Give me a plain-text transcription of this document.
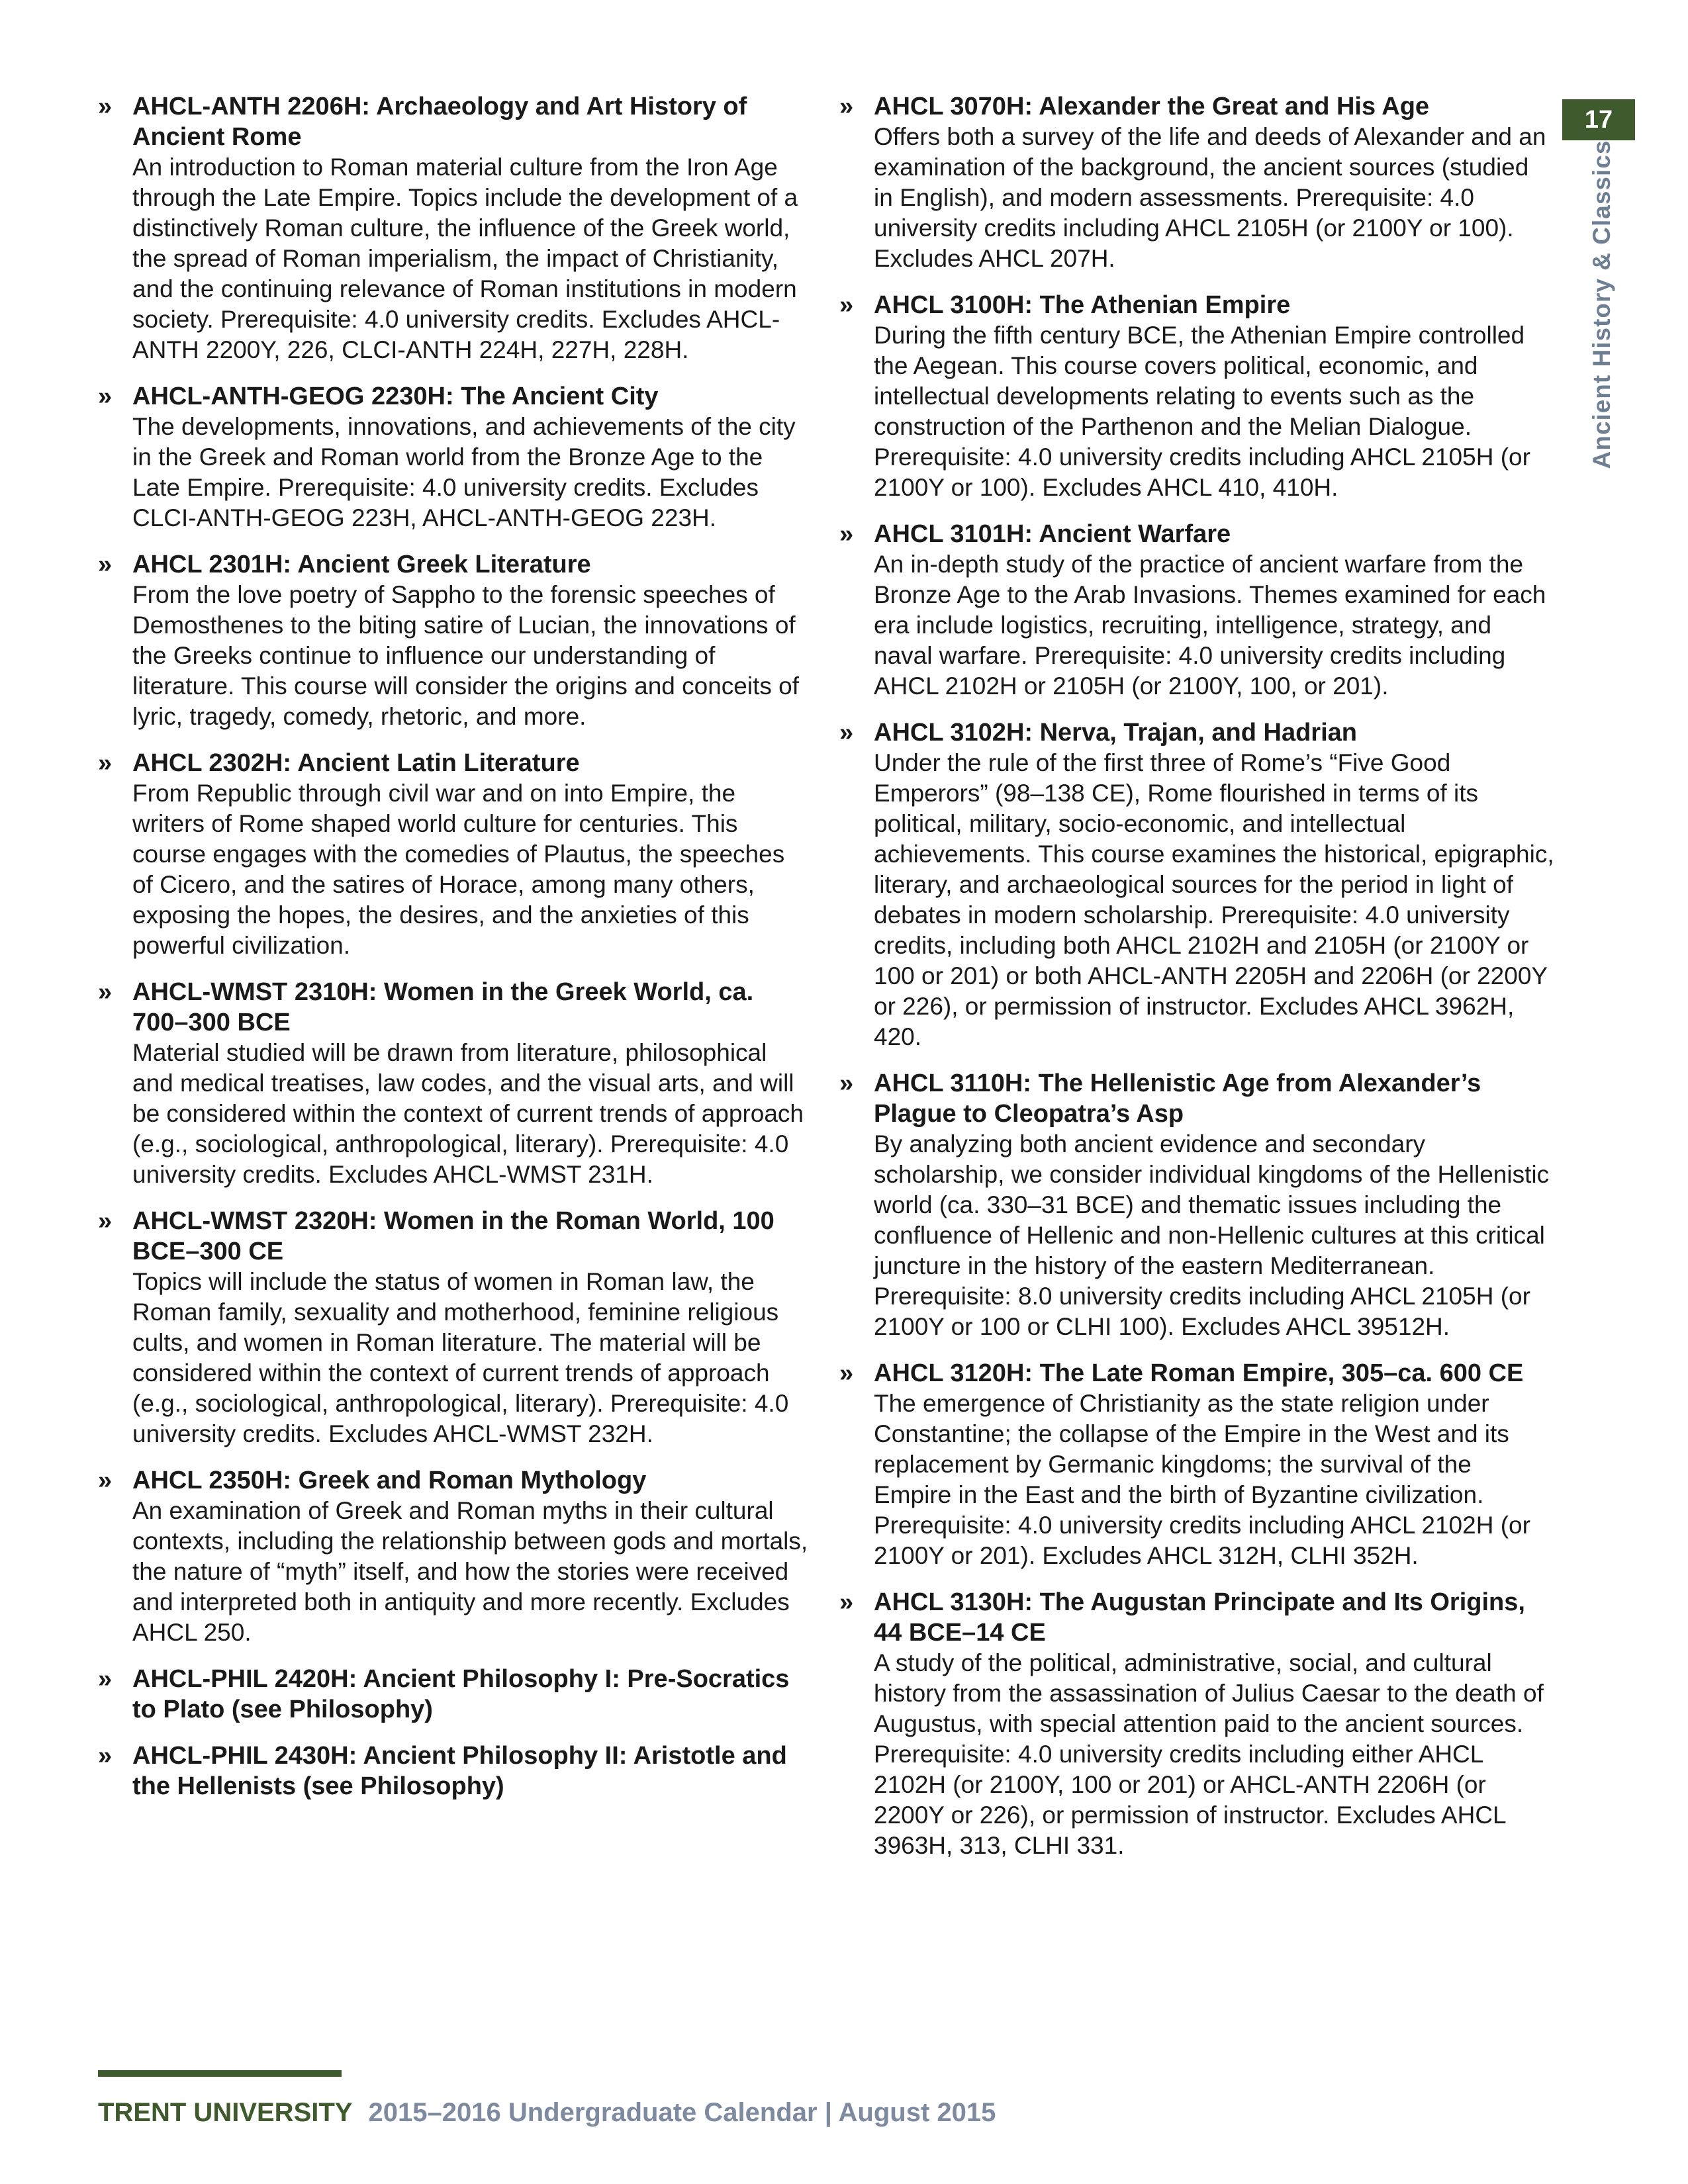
» AHCL-ANTH 2206H: Archaeology and Art History of Ancient Rome
An introduction to Roman material culture from the Iron Age through the Late Empire. Topics include the development of a distinctively Roman culture, the influence of the Greek world, the spread of Roman imperialism, the impact of Christianity, and the continuing relevance of Roman institutions in modern society. Prerequisite: 4.0 university credits. Excludes AHCL-ANTH 2200Y, 226, CLCI-ANTH 224H, 227H, 228H.
» AHCL-ANTH-GEOG 2230H: The Ancient City
The developments, innovations, and achievements of the city in the Greek and Roman world from the Bronze Age to the Late Empire. Prerequisite: 4.0 university credits. Excludes CLCI-ANTH-GEOG 223H, AHCL-ANTH-GEOG 223H.
» AHCL 2301H: Ancient Greek Literature
From the love poetry of Sappho to the forensic speeches of Demosthenes to the biting satire of Lucian, the innovations of the Greeks continue to influence our understanding of literature. This course will consider the origins and conceits of lyric, tragedy, comedy, rhetoric, and more.
» AHCL 2302H: Ancient Latin Literature
From Republic through civil war and on into Empire, the writers of Rome shaped world culture for centuries. This course engages with the comedies of Plautus, the speeches of Cicero, and the satires of Horace, among many others, exposing the hopes, the desires, and the anxieties of this powerful civilization.
» AHCL-WMST 2310H: Women in the Greek World, ca. 700–300 BCE
Material studied will be drawn from literature, philosophical and medical treatises, law codes, and the visual arts, and will be considered within the context of current trends of approach (e.g., sociological, anthropological, literary). Prerequisite: 4.0 university credits. Excludes AHCL-WMST 231H.
» AHCL-WMST 2320H: Women in the Roman World, 100 BCE–300 CE
Topics will include the status of women in Roman law, the Roman family, sexuality and motherhood, feminine religious cults, and women in Roman literature. The material will be considered within the context of current trends of approach (e.g., sociological, anthropological, literary). Prerequisite: 4.0 university credits. Excludes AHCL-WMST 232H.
» AHCL 2350H: Greek and Roman Mythology
An examination of Greek and Roman myths in their cultural contexts, including the relationship between gods and mortals, the nature of “myth” itself, and how the stories were received and interpreted both in antiquity and more recently. Excludes AHCL 250.
» AHCL-PHIL 2420H: Ancient Philosophy I: Pre-Socratics to Plato (see Philosophy)
» AHCL-PHIL 2430H: Ancient Philosophy II: Aristotle and the Hellenists (see Philosophy)
» AHCL 3070H: Alexander the Great and His Age
Offers both a survey of the life and deeds of Alexander and an examination of the background, the ancient sources (studied in English), and modern assessments. Prerequisite: 4.0 university credits including AHCL 2105H (or 2100Y or 100). Excludes AHCL 207H.
» AHCL 3100H: The Athenian Empire
During the fifth century BCE, the Athenian Empire controlled the Aegean. This course covers political, economic, and intellectual developments relating to events such as the construction of the Parthenon and the Melian Dialogue. Prerequisite: 4.0 university credits including AHCL 2105H (or 2100Y or 100). Excludes AHCL 410, 410H.
» AHCL 3101H: Ancient Warfare
An in-depth study of the practice of ancient warfare from the Bronze Age to the Arab Invasions. Themes examined for each era include logistics, recruiting, intelligence, strategy, and naval warfare. Prerequisite: 4.0 university credits including AHCL 2102H or 2105H (or 2100Y, 100, or 201).
» AHCL 3102H: Nerva, Trajan, and Hadrian
Under the rule of the first three of Rome’s “Five Good Emperors” (98–138 CE), Rome flourished in terms of its political, military, socio-economic, and intellectual achievements. This course examines the historical, epigraphic, literary, and archaeological sources for the period in light of debates in modern scholarship. Prerequisite: 4.0 university credits, including both AHCL 2102H and 2105H (or 2100Y or 100 or 201) or both AHCL-ANTH 2205H and 2206H (or 2200Y or 226), or permission of instructor. Excludes AHCL 3962H, 420.
» AHCL 3110H: The Hellenistic Age from Alexander’s Plague to Cleopatra’s Asp
By analyzing both ancient evidence and secondary scholarship, we consider individual kingdoms of the Hellenistic world (ca. 330–31 BCE) and thematic issues including the confluence of Hellenic and non-Hellenic cultures at this critical juncture in the history of the eastern Mediterranean. Prerequisite: 8.0 university credits including AHCL 2105H (or 2100Y or 100 or CLHI 100). Excludes AHCL 39512H.
» AHCL 3120H: The Late Roman Empire, 305–ca. 600 CE
The emergence of Christianity as the state religion under Constantine; the collapse of the Empire in the West and its replacement by Germanic kingdoms; the survival of the Empire in the East and the birth of Byzantine civilization. Prerequisite: 4.0 university credits including AHCL 2102H (or 2100Y or 201). Excludes AHCL 312H, CLHI 352H.
» AHCL 3130H: The Augustan Principate and Its Origins, 44 BCE–14 CE
A study of the political, administrative, social, and cultural history from the assassination of Julius Caesar to the death of Augustus, with special attention paid to the ancient sources. Prerequisite: 4.0 university credits including either AHCL 2102H (or 2100Y, 100 or 201) or AHCL-ANTH 2206H (or 2200Y or 226), or permission of instructor. Excludes AHCL 3963H, 313, CLHI 331.
17
Ancient History & Classics
TRENT UNIVERSITY 2015–2016 Undergraduate Calendar | August 2015
